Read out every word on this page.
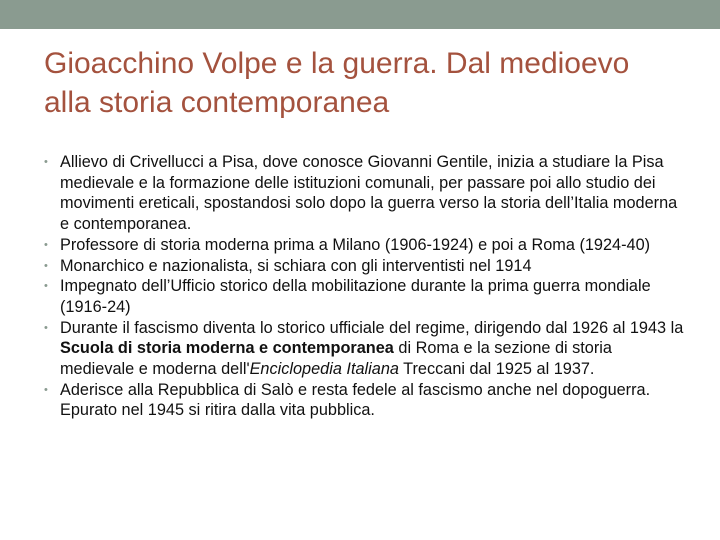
Gioacchino Volpe e la guerra. Dal medioevo alla storia contemporanea
• Allievo di Crivellucci a Pisa, dove conosce Giovanni Gentile, inizia a studiare la Pisa medievale e la formazione delle istituzioni comunali, per passare poi allo studio dei movimenti ereticali, spostandosi solo dopo la guerra verso la storia dell’Italia moderna e contemporanea.
• Professore di storia moderna prima a Milano (1906-1924) e poi a Roma (1924-40)
• Monarchico e nazionalista, si schiara con gli interventisti nel 1914
• Impegnato dell’Ufficio storico della mobilitazione durante la prima guerra mondiale (1916-24)
• Durante il fascismo diventa lo storico ufficiale del regime, dirigendo dal 1926 al 1943 la Scuola di storia moderna e contemporanea di Roma e la sezione di storia medievale e moderna dell'Enciclopedia Italiana Treccani dal 1925 al 1937.
• Aderisce alla Repubblica di Salò e resta fedele al fascismo anche nel dopoguerra. Epurato nel 1945 si ritira dalla vita pubblica.
